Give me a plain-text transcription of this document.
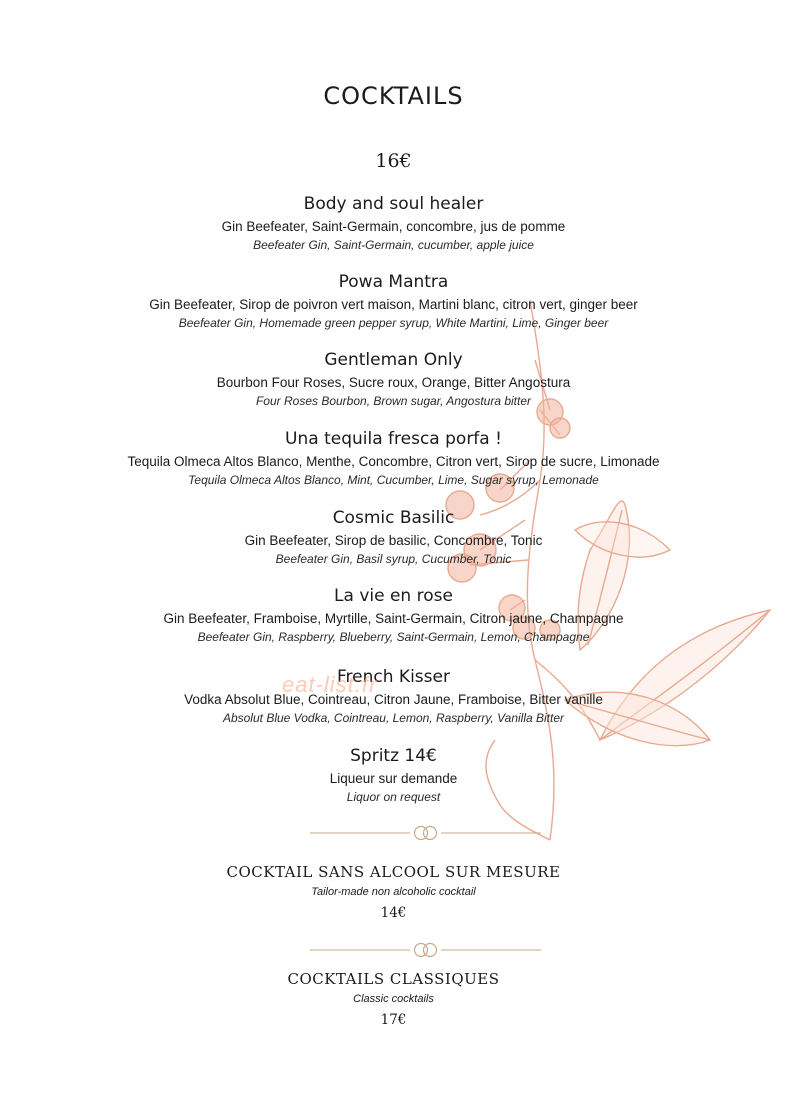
COCKTAILS
16€
Body and soul healer
Gin Beefeater, Saint-Germain, concombre, jus de pomme
Beefeater Gin, Saint-Germain, cucumber, apple juice
Powa Mantra
Gin Beefeater, Sirop de poivron vert maison, Martini blanc, citron vert, ginger beer
Beefeater Gin, Homemade green pepper syrup, White Martini, Lime, Ginger beer
Gentleman Only
Bourbon Four Roses, Sucre roux, Orange, Bitter Angostura
Four Roses Bourbon, Brown sugar, Angostura bitter
Una tequila fresca porfa !
Tequila Olmeca Altos Blanco, Menthe, Concombre, Citron vert, Sirop de sucre, Limonade
Tequila Olmeca Altos Blanco, Mint, Cucumber, Lime, Sugar syrup, Lemonade
Cosmic Basilic
Gin Beefeater, Sirop de basilic, Concombre, Tonic
Beefeater Gin, Basil syrup, Cucumber, Tonic
La vie en rose
Gin Beefeater, Framboise, Myrtille, Saint-Germain, Citron jaune, Champagne
Beefeater Gin, Raspberry, Blueberry, Saint-Germain, Lemon, Champagne
French Kisser
Vodka Absolut Blue, Cointreau, Citron Jaune, Framboise, Bitter vanille
Absolut Blue Vodka, Cointreau, Lemon, Raspberry, Vanilla Bitter
Spritz 14€
Liqueur sur demande
Liquor on request
COCKTAIL SANS ALCOOL SUR MESURE
Tailor-made non alcoholic cocktail
14€
COCKTAILS CLASSIQUES
Classic cocktails
17€
eat-list.fr
